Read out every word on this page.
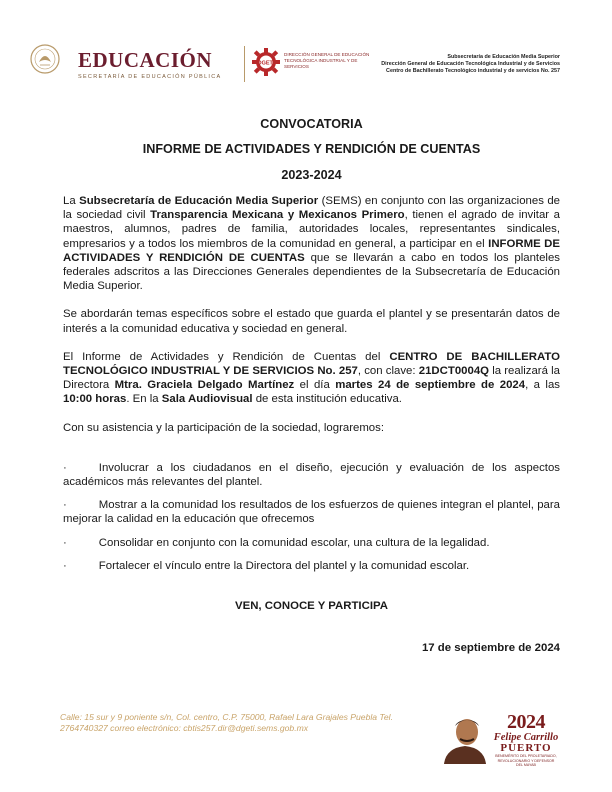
EDUCACIÓN
SECRETARÍA DE EDUCACIÓN PÚBLICA
DGETI
DIRECCIÓN GENERAL DE EDUCACIÓN
TECNOLÓGICA INDUSTRIAL Y DE SERVICIOS
Subsecretaría de Educación Media Superior
Dirección General de Educación Tecnológica Industrial y de Servicios
Centro de Bachillerato Tecnológico industrial y de servicios No. 257
CONVOCATORIA
INFORME DE ACTIVIDADES Y RENDICIÓN DE CUENTAS
2023-2024

La Subsecretaría de Educación Media Superior (SEMS) en conjunto con las organizaciones de la sociedad civil Transparencia Mexicana y Mexicanos Primero, tienen el agrado de invitar a maestros, alumnos, padres de familia, autoridades locales, representantes sindicales, empresarios y a todos los miembros de la comunidad en general, a participar en el INFORME DE ACTIVIDADES Y RENDICIÓN DE CUENTAS que se llevarán a cabo en todos los planteles federales adscritos a las Direcciones Generales dependientes de la Subsecretaría de Educación Media Superior.

Se abordarán temas específicos sobre el estado que guarda el plantel y se presentarán datos de interés a la comunidad educativa y sociedad en general.

El Informe de Actividades y Rendición de Cuentas del CENTRO DE BACHILLERATO TECNOLÓGICO INDUSTRIAL Y DE SERVICIOS No. 257, con clave: 21DCT0004Q la realizará la Directora Mtra. Graciela Delgado Martínez el día martes 24 de septiembre de 2024, a las 10:00 horas. En la Sala Audiovisual de esta institución educativa.

Con su asistencia y la participación de la sociedad, lograremos:

·	Involucrar a los ciudadanos en el diseño, ejecución y evaluación de los aspectos académicos más relevantes del plantel.

·	Mostrar a la comunidad los resultados de los esfuerzos de quienes integran el plantel, para mejorar la calidad en la educación que ofrecemos

·	Consolidar en conjunto con la comunidad escolar, una cultura de la legalidad.

·	Fortalecer el vínculo entre la Directora del plantel y la comunidad escolar.

VEN, CONOCE Y PARTICIPA
17 de septiembre de 2024
Calle: 15 sur y 9 poniente s/n, Col. centro, C.P. 75000, Rafael Lara Grajales Puebla Tel.
2764740327 correo electrónico: cbtis257.dir@dgeti.sems.gob.mx	2024
Felipe Carrillo
PUERTO
BENEMÉRITO DEL PROLETARIADO,
REVOLUCIONARIO Y DEFENSOR
DEL MAYAB
